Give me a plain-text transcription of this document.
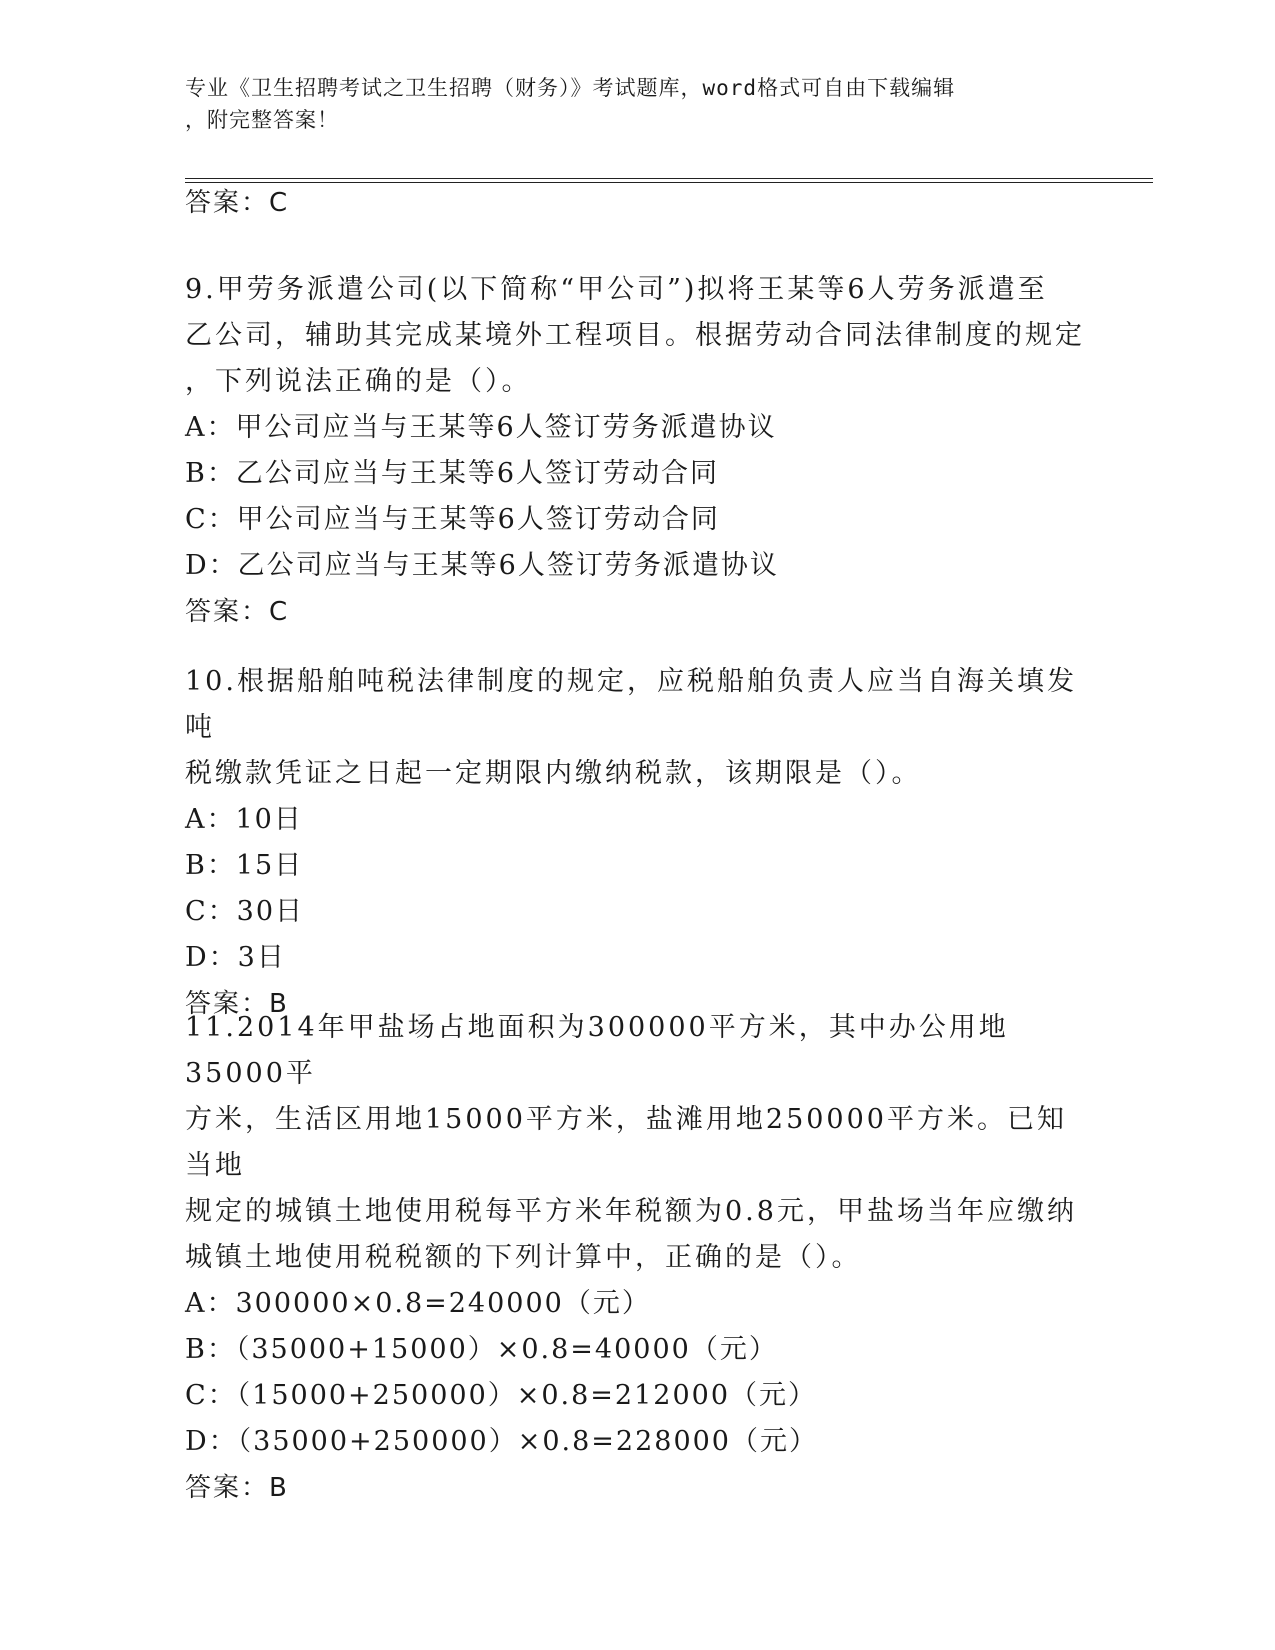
专业《卫生招聘考试之卫生招聘（财务）》考试题库，word格式可自由下载编辑
，附完整答案！
答案：C
9.甲劳务派遣公司(以下简称“甲公司”)拟将王某等6人劳务派遣至
乙公司，辅助其完成某境外工程项目。根据劳动合同法律制度的规定
，下列说法正确的是（）。
A：甲公司应当与王某等6人签订劳务派遣协议
B：乙公司应当与王某等6人签订劳动合同
C：甲公司应当与王某等6人签订劳动合同
D：乙公司应当与王某等6人签订劳务派遣协议
答案：C
10.根据船舶吨税法律制度的规定，应税船舶负责人应当自海关填发吨
税缴款凭证之日起一定期限内缴纳税款，该期限是（）。
A：10日
B：15日
C：30日
D：3日
答案：B
11.2014年甲盐场占地面积为300000平方米，其中办公用地35000平
方米，生活区用地15000平方米，盐滩用地250000平方米。已知当地
规定的城镇土地使用税每平方米年税额为0.8元，甲盐场当年应缴纳
城镇土地使用税税额的下列计算中，正确的是（）。
A：300000×0.8=240000（元）
B：（35000+15000）×0.8=40000（元）
C：（15000+250000）×0.8=212000（元）
D：（35000+250000）×0.8=228000（元）
答案：B
